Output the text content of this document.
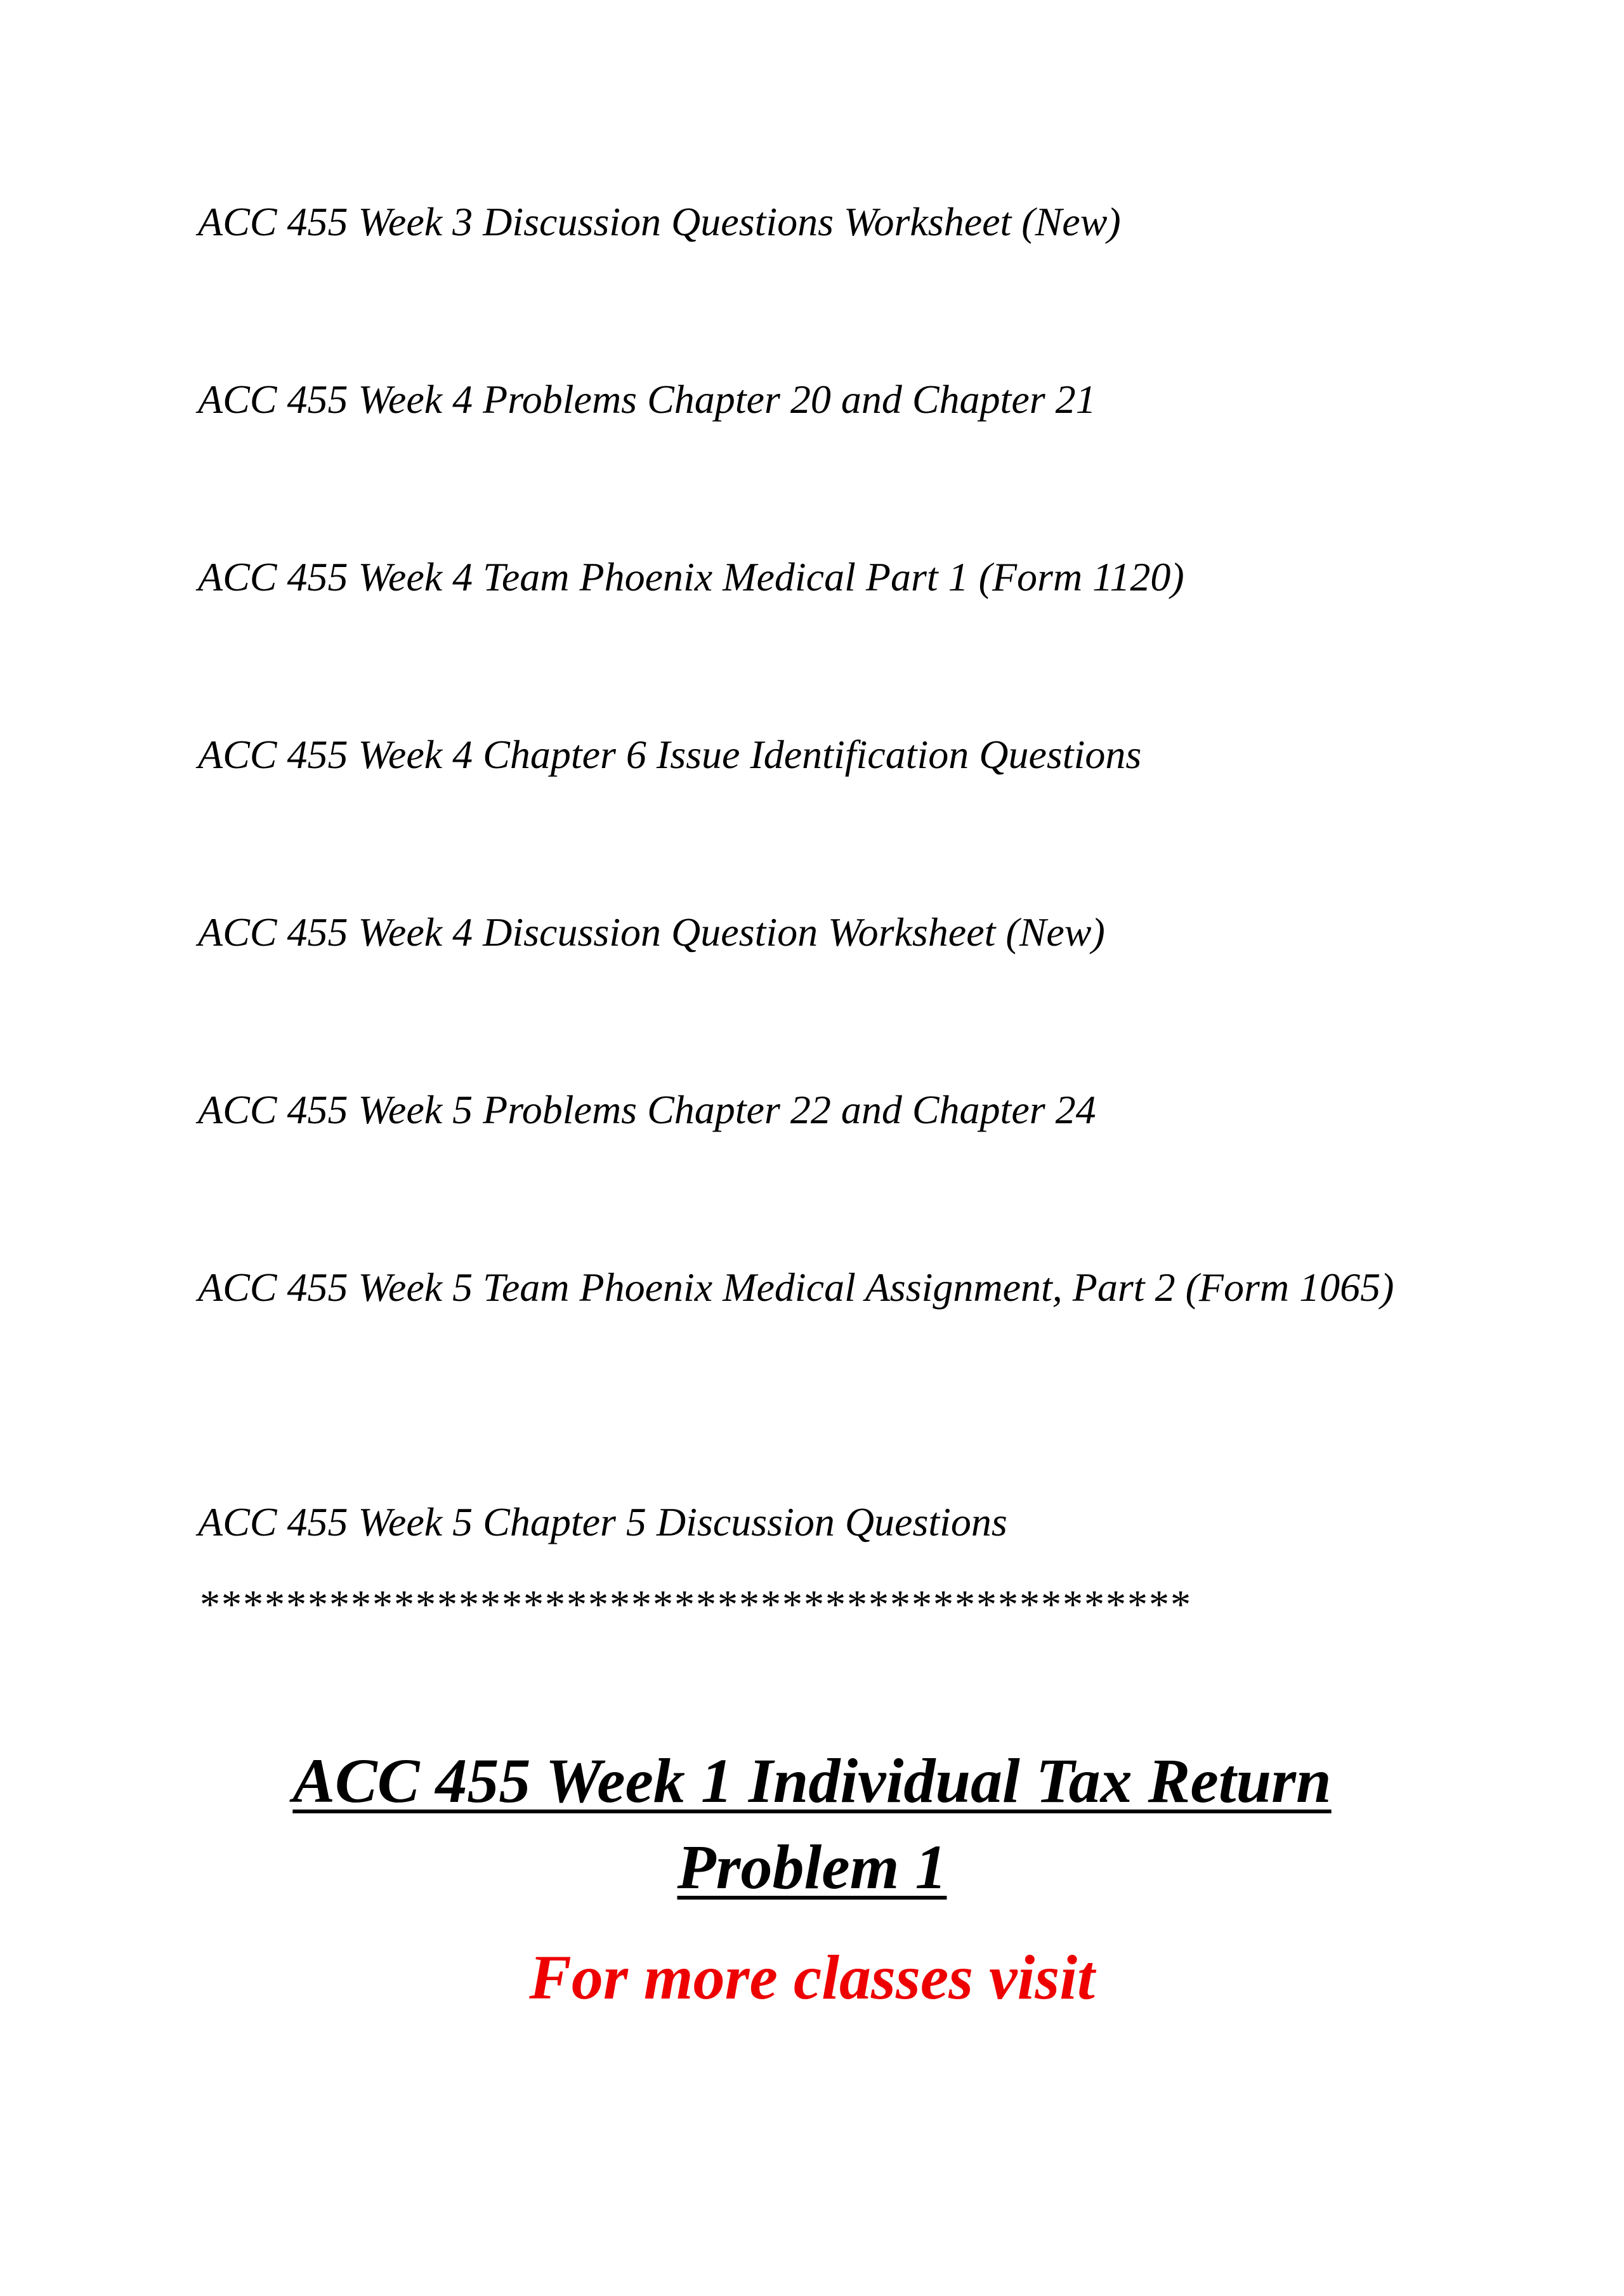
ACC 455 Week 3 Discussion Questions Worksheet (New)

ACC 455 Week 4 Problems Chapter 20 and Chapter 21

ACC 455 Week 4 Team Phoenix Medical Part 1 (Form 1120)

ACC 455 Week 4 Chapter 6 Issue Identification Questions

ACC 455 Week 4 Discussion Question Worksheet (New)

ACC 455 Week 5 Problems Chapter 22 and Chapter 24

ACC 455 Week 5 Team Phoenix Medical Assignment, Part 2 (Form 1065)

ACC 455 Week 5 Chapter 5 Discussion Questions

**********************************************

ACC 455 Week 1 Individual Tax Return
Problem 1

For more classes visit
